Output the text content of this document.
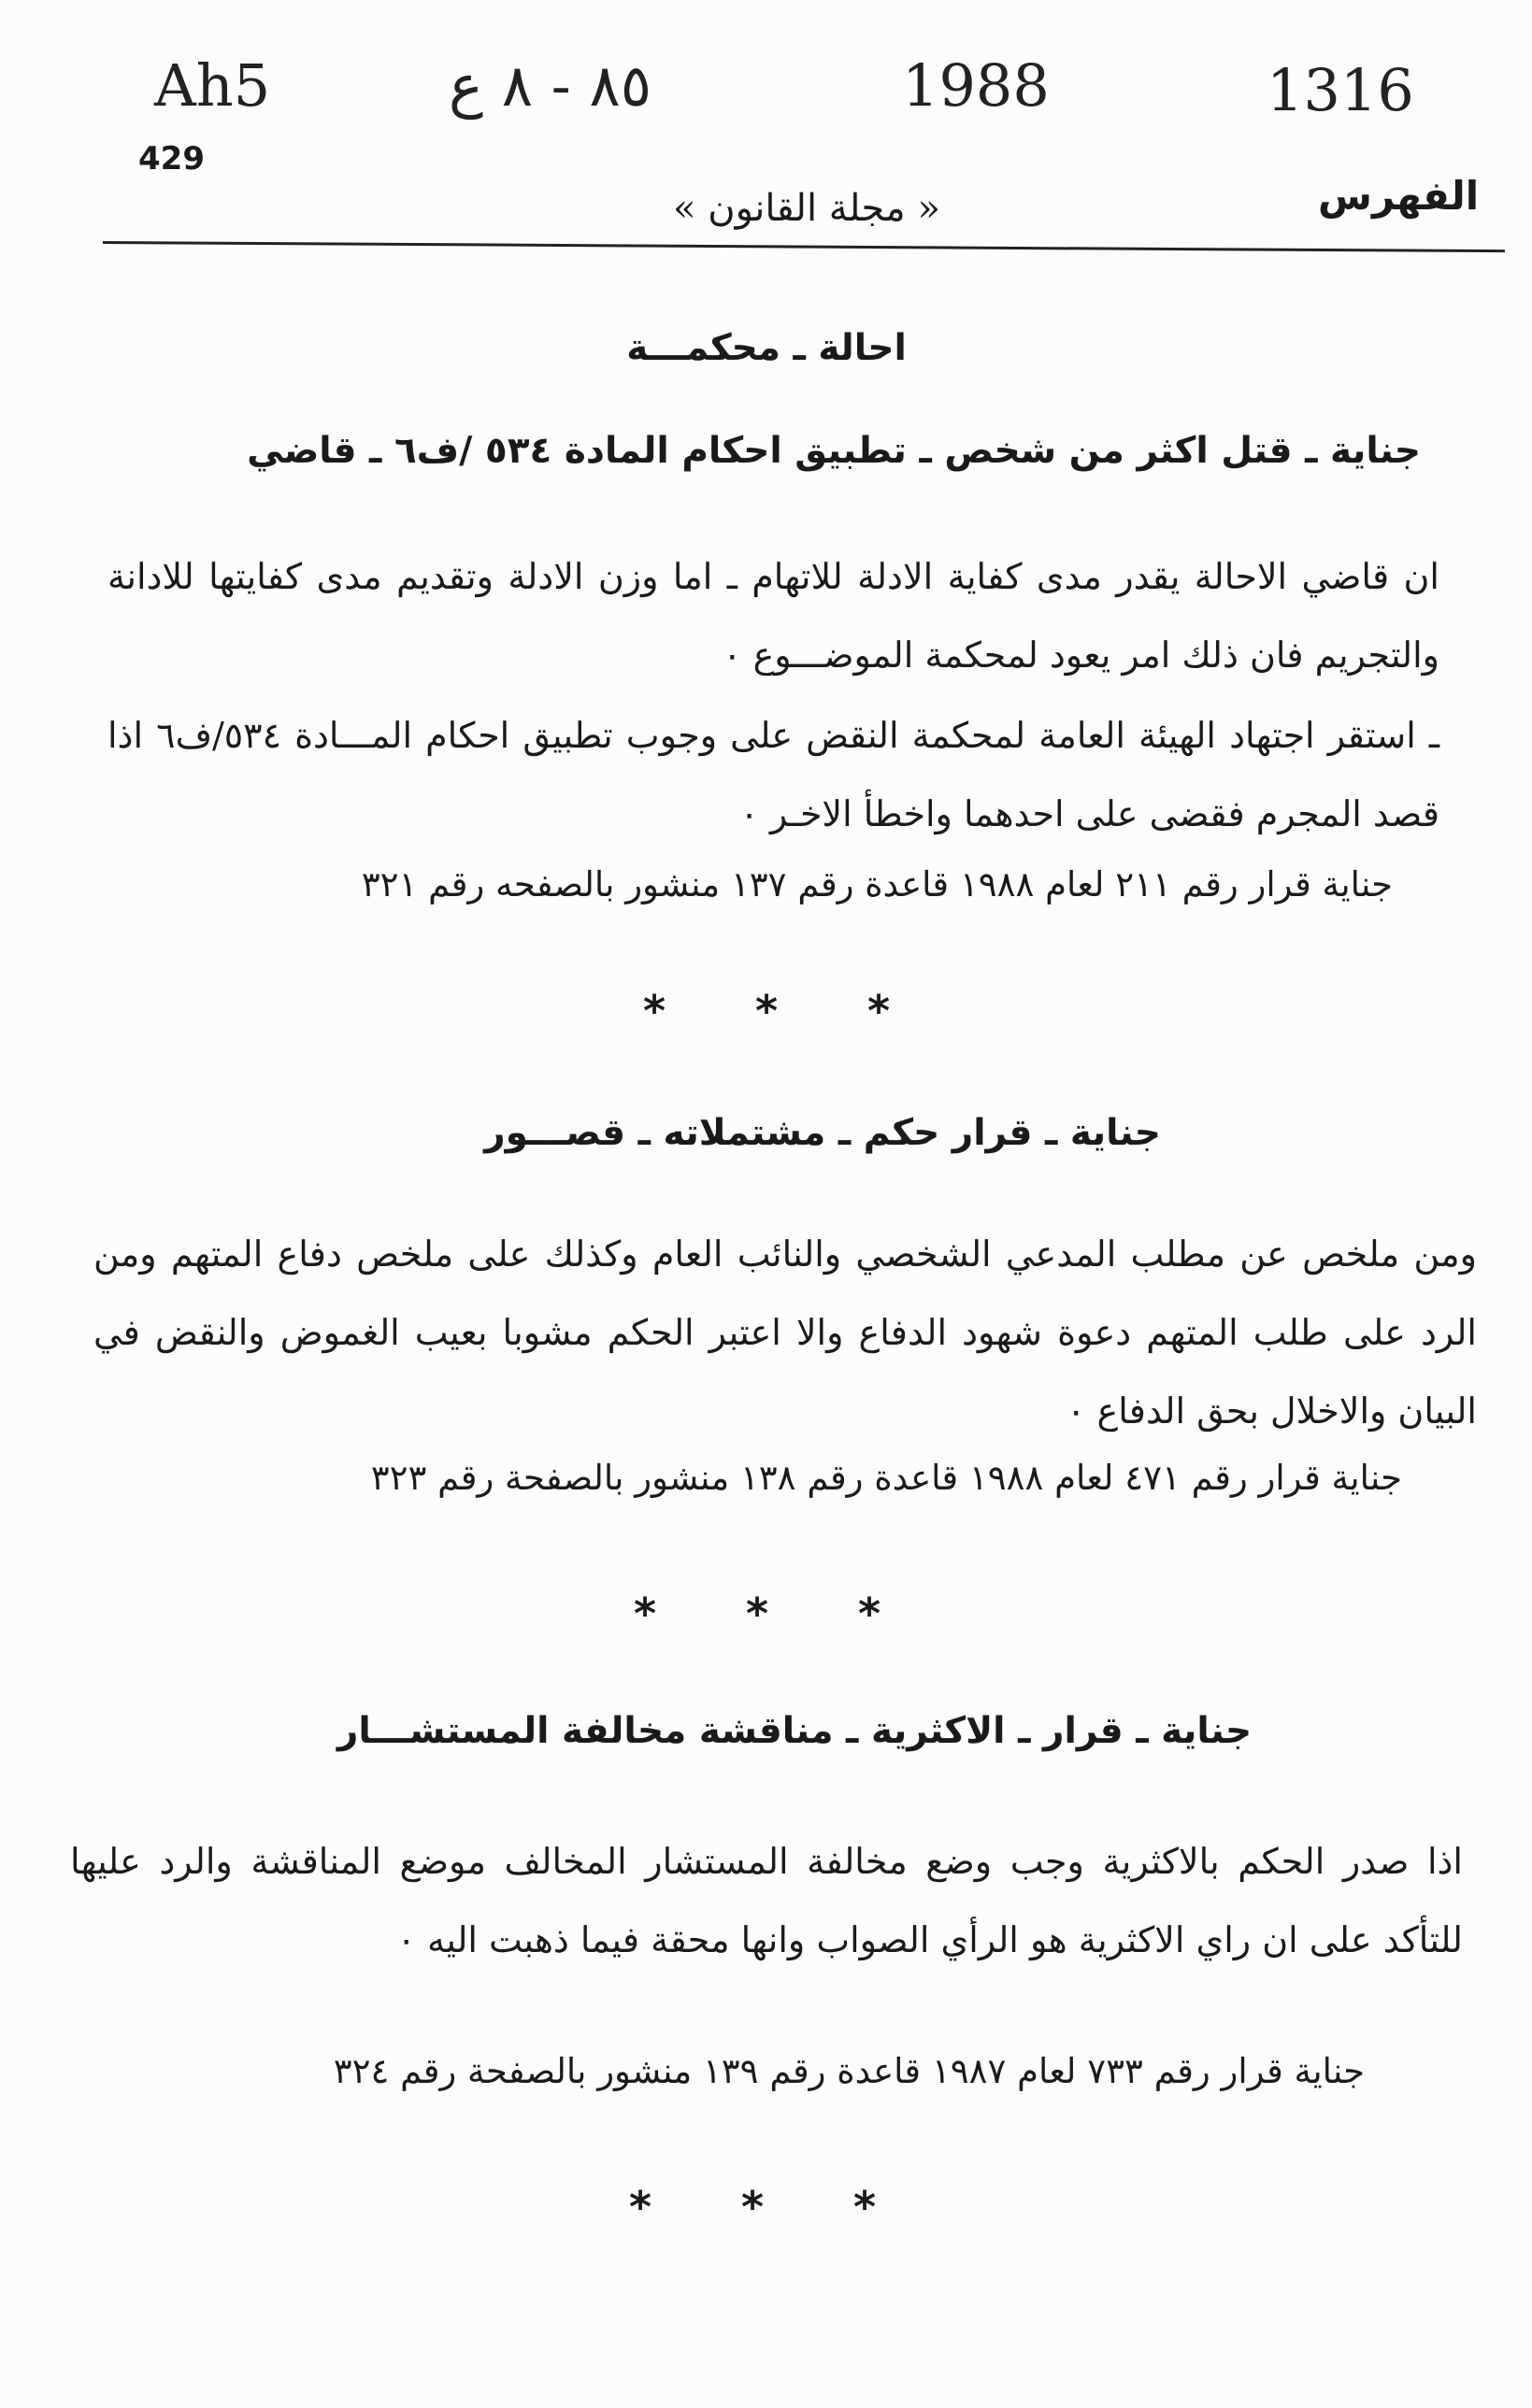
Ah5	٨٥ - ٨ ع	1988	1316
429
« مجلة القانون »	الفهرس
احالة ـ محكمـــة
جناية ـ قتل اكثر من شخص ـ تطبيق احكام المادة ٥٣٤ /ف٦ ـ قاضي
ان قاضي الاحالة يقدر مدى كفاية الادلة للاتهام ـ اما وزن الادلة وتقديم مدى كفايتها للادانة والتجريم فان ذلك امر يعود لمحكمة الموضـــوع ٠
ـ استقر اجتهاد الهيئة العامة لمحكمة النقض على وجوب تطبيق احكام المـــادة ٥٣٤/ف٦ اذا قصد المجرم فقضى على احدهما واخطأ الاخـر ٠
جناية قرار رقم ٢١١ لعام ١٩٨٨ قاعدة رقم ١٣٧ منشور بالصفحه رقم ٣٢١
* * *
جناية ـ قرار حكم ـ مشتملاته ـ قصـــور
ومن ملخص عن مطلب المدعي الشخصي والنائب العام وكذلك على ملخص دفاع المتهم ومن الرد على طلب المتهم دعوة شهود الدفاع والا اعتبر الحكم مشوبا بعيب الغموض والنقض في البيان والاخلال بحق الدفاع ٠
جناية قرار رقم ٤٧١ لعام ١٩٨٨ قاعدة رقم ١٣٨ منشور بالصفحة رقم ٣٢٣
* * *
جناية ـ قرار ـ الاكثرية ـ مناقشة مخالفة المستشـــار
اذا صدر الحكم بالاكثرية وجب وضع مخالفة المستشار المخالف موضع المناقشة والرد عليها للتأكد على ان راي الاكثرية هو الرأي الصواب وانها محقة فيما ذهبت اليه ٠
جناية قرار رقم ٧٣٣ لعام ١٩٨٧ قاعدة رقم ١٣٩ منشور بالصفحة رقم ٣٢٤
* * *
